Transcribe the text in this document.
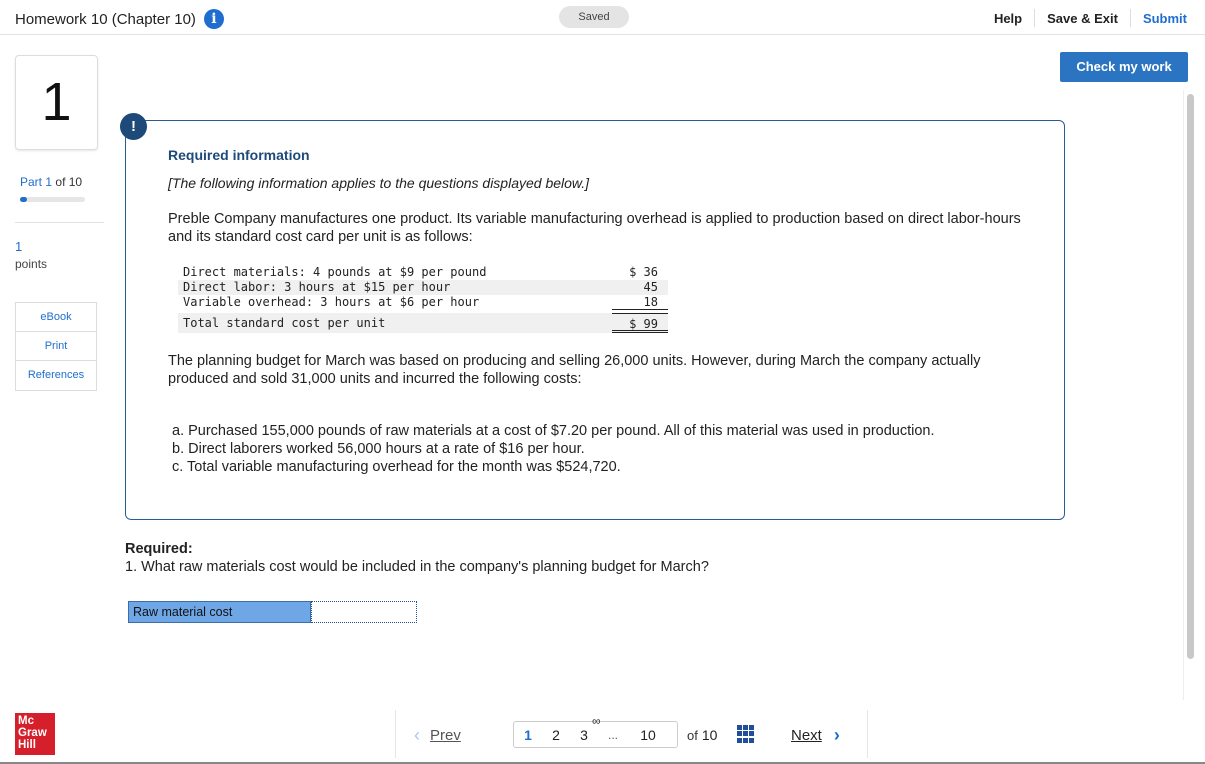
Homework 10 (Chapter 10)	i	Saved	Help	Save & Exit	Submit
Check my work
1
Part 1 of 10
1
points
eBook
Print
References
!
Required information
[The following information applies to the questions displayed below.]
Preble Company manufactures one product. Its variable manufacturing overhead is applied to production based on direct labor-hours and its standard cost card per unit is as follows:
Direct materials: 4 pounds at $9 per pound	$ 36
Direct labor: 3 hours at $15 per hour	45
Variable overhead: 3 hours at $6 per hour	18
Total standard cost per unit	$ 99
The planning budget for March was based on producing and selling 26,000 units. However, during March the company actually produced and sold 31,000 units and incurred the following costs:
a. Purchased 155,000 pounds of raw materials at a cost of $7.20 per pound. All of this material was used in production.
b. Direct laborers worked 56,000 hours at a rate of $16 per hour.
c. Total variable manufacturing overhead for the month was $524,720.
Required:
1. What raw materials cost would be included in the company's planning budget for March?
Raw material cost
Mc
Graw
Hill	‹ Prev
∞
1	2	3	...	10	of 10	Next ›
